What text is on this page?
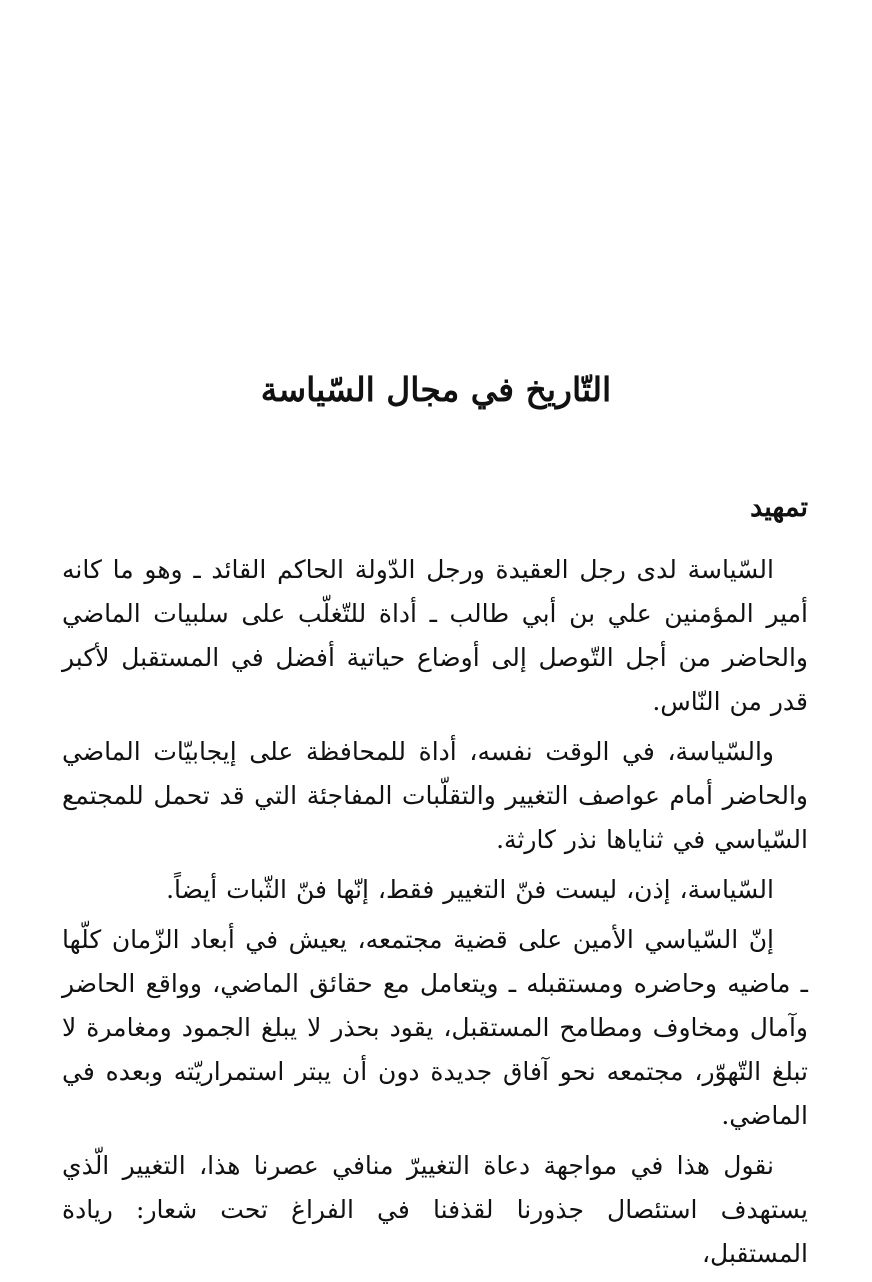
التّاريخ في مجال السّياسة
تمهيد

السّياسة لدى رجل العقيدة ورجل الدّولة الحاكم القائد ـ وهو ما كانه أمير المؤمنين علي بن أبي طالب ـ أداة للتّغلّب على سلبيات الماضي والحاضر من أجل التّوصل إلى أوضاع حياتية أفضل في المستقبل لأكبر قدر من النّاس.

والسّياسة، في الوقت نفسه، أداة للمحافظة على إيجابيّات الماضي والحاضر أمام عواصف التغيير والتقلّبات المفاجئة التي قد تحمل للمجتمع السّياسي في ثناياها نذر كارثة.

السّياسة، إذن، ليست فنّ التغيير فقط، إنّها فنّ الثّبات أيضاً.

إنّ السّياسي الأمين على قضية مجتمعه، يعيش في أبعاد الزّمان كلّها ـ ماضيه وحاضره ومستقبله ـ ويتعامل مع حقائق الماضي، وواقع الحاضر وآمال ومخاوف ومطامح المستقبل، يقود بحذر لا يبلغ الجمود ومغامرة لا تبلغ التّهوّر، مجتمعه نحو آفاق جديدة دون أن يبتر استمراريّته وبعده في الماضي.

نقول هذا في مواجهة دعاة التغييرّ منافي عصرنا هذا، التغيير الّذي يستهدف استئصال جذورنا لقذفنا في الفراغ تحت شعار: ريادة المستقبل،
